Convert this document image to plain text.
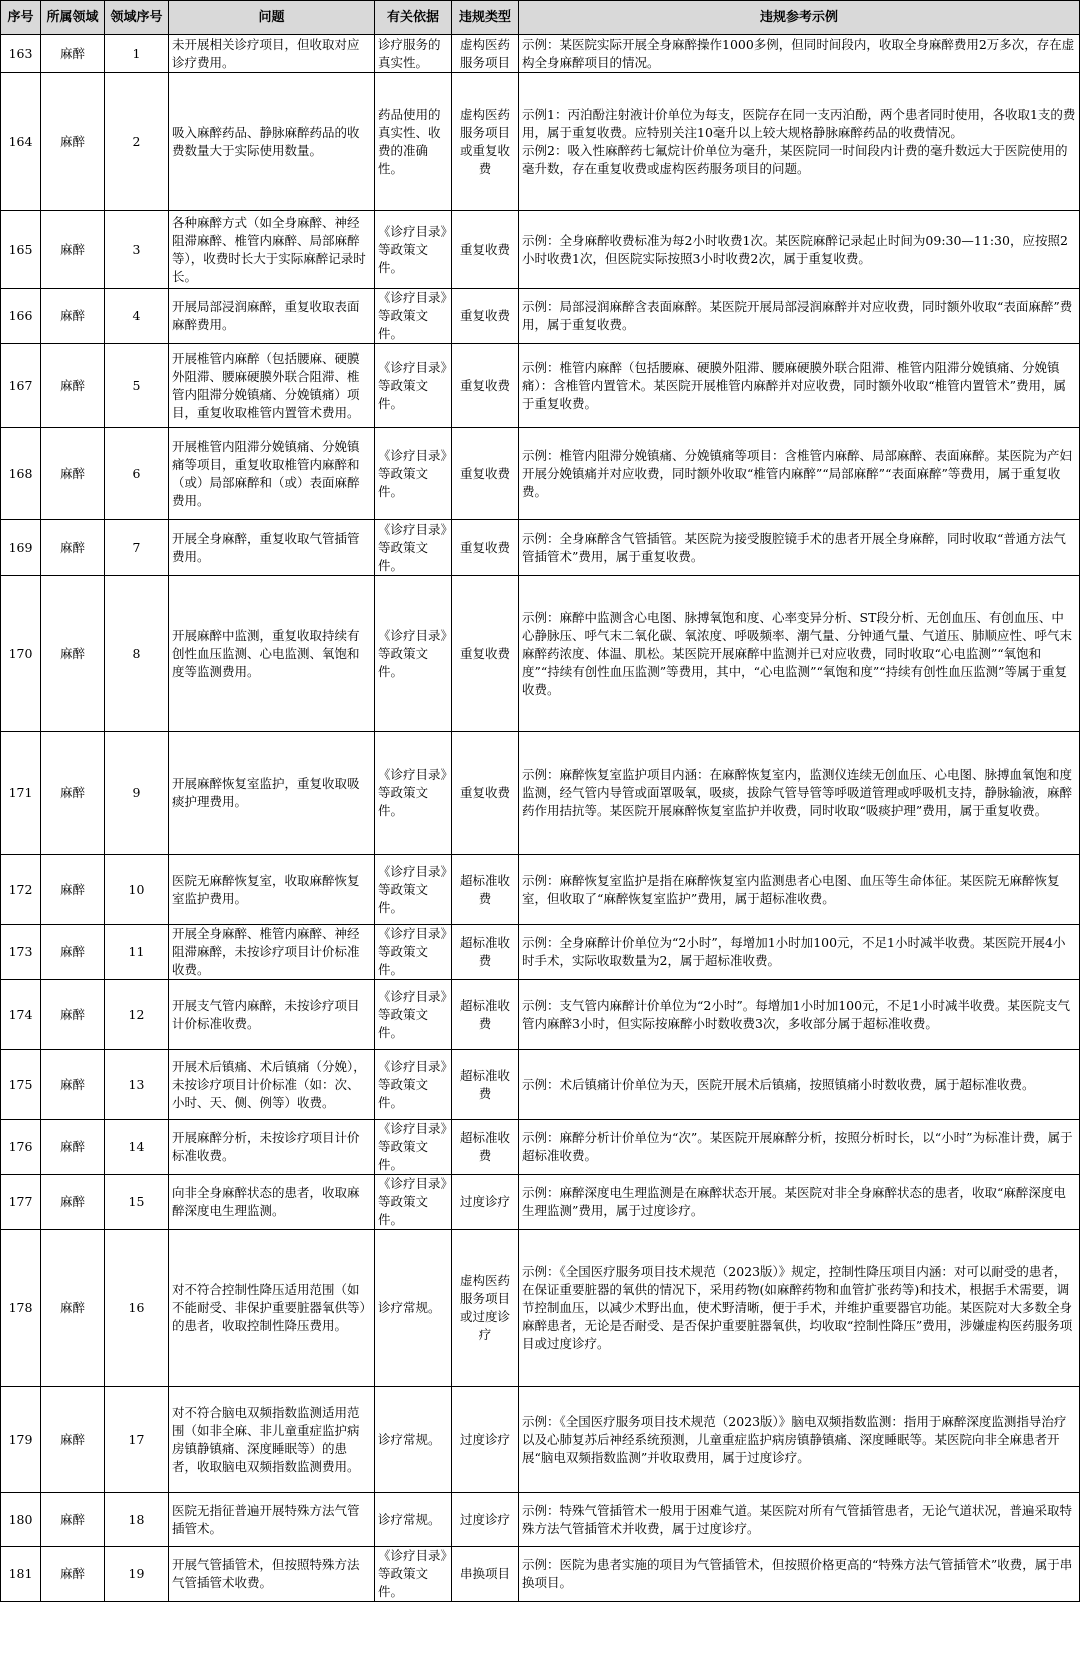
序号	所属领域	领域序号	问题	有关依据	违规类型	违规参考示例
163	麻醉	1	未开展相关诊疗项目，但收取对应诊疗费用。	诊疗服务的真实性。	虚构医药服务项目	示例：某医院实际开展全身麻醉操作1000多例，但同时间段内，收取全身麻醉费用2万多次，存在虚构全身麻醉项目的情况。
164	麻醉	2	吸入麻醉药品、静脉麻醉药品的收费数量大于实际使用数量。	药品使用的真实性、收费的准确性。	虚构医药服务项目或重复收费	示例1：丙泊酚注射液计价单位为每支，医院存在同一支丙泊酚，两个患者同时使用，各收取1支的费用，属于重复收费。应特别关注10毫升以上较大规格静脉麻醉药品的收费情况。
示例2：吸入性麻醉药七氟烷计价单位为毫升，某医院同一时间段内计费的毫升数远大于医院使用的毫升数，存在重复收费或虚构医药服务项目的问题。
165	麻醉	3	各种麻醉方式（如全身麻醉、神经阻滞麻醉、椎管内麻醉、局部麻醉等），收费时长大于实际麻醉记录时长。	《诊疗目录》等政策文件。	重复收费	示例：全身麻醉收费标准为每2小时收费1次。某医院麻醉记录起止时间为09:30—11:30，应按照2小时收费1次，但医院实际按照3小时收费2次，属于重复收费。
166	麻醉	4	开展局部浸润麻醉，重复收取表面麻醉费用。	《诊疗目录》等政策文件。	重复收费	示例：局部浸润麻醉含表面麻醉。某医院开展局部浸润麻醉并对应收费，同时额外收取“表面麻醉”费用，属于重复收费。
167	麻醉	5	开展椎管内麻醉（包括腰麻、硬膜外阻滞、腰麻硬膜外联合阻滞、椎管内阻滞分娩镇痛、分娩镇痛）项目，重复收取椎管内置管术费用。	《诊疗目录》等政策文件。	重复收费	示例：椎管内麻醉（包括腰麻、硬膜外阻滞、腰麻硬膜外联合阻滞、椎管内阻滞分娩镇痛、分娩镇痛）：含椎管内置管术。某医院开展椎管内麻醉并对应收费，同时额外收取“椎管内置管术”费用，属于重复收费。
168	麻醉	6	开展椎管内阻滞分娩镇痛、分娩镇痛等项目，重复收取椎管内麻醉和（或）局部麻醉和（或）表面麻醉费用。	《诊疗目录》等政策文件。	重复收费	示例：椎管内阻滞分娩镇痛、分娩镇痛等项目：含椎管内麻醉、局部麻醉、表面麻醉。某医院为产妇开展分娩镇痛并对应收费，同时额外收取“椎管内麻醉”“局部麻醉”“表面麻醉”等费用，属于重复收费。
169	麻醉	7	开展全身麻醉，重复收取气管插管费用。	《诊疗目录》等政策文件。	重复收费	示例：全身麻醉含气管插管。某医院为接受腹腔镜手术的患者开展全身麻醉，同时收取“普通方法气管插管术”费用，属于重复收费。
170	麻醉	8	开展麻醉中监测，重复收取持续有创性血压监测、心电监测、氧饱和度等监测费用。	《诊疗目录》等政策文件。	重复收费	示例：麻醉中监测含心电图、脉搏氧饱和度、心率变异分析、ST段分析、无创血压、有创血压、中心静脉压、呼气末二氧化碳、氧浓度、呼吸频率、潮气量、分钟通气量、气道压、肺顺应性、呼气末麻醉药浓度、体温、肌松。某医院开展麻醉中监测并已对应收费，同时收取“心电监测”“氧饱和度”“持续有创性血压监测”等费用，其中，“心电监测”“氧饱和度”“持续有创性血压监测”等属于重复收费。
171	麻醉	9	开展麻醉恢复室监护，重复收取吸痰护理费用。	《诊疗目录》等政策文件。	重复收费	示例：麻醉恢复室监护项目内涵：在麻醉恢复室内，监测仪连续无创血压、心电图、脉搏血氧饱和度监测，经气管内导管或面罩吸氧，吸痰，拔除气管导管等呼吸道管理或呼吸机支持，静脉输液，麻醉药作用拮抗等。某医院开展麻醉恢复室监护并收费，同时收取“吸痰护理”费用，属于重复收费。
172	麻醉	10	医院无麻醉恢复室，收取麻醉恢复室监护费用。	《诊疗目录》等政策文件。	超标准收费	示例：麻醉恢复室监护是指在麻醉恢复室内监测患者心电图、血压等生命体征。某医院无麻醉恢复室，但收取了“麻醉恢复室监护”费用，属于超标准收费。
173	麻醉	11	开展全身麻醉、椎管内麻醉、神经阻滞麻醉，未按诊疗项目计价标准收费。	《诊疗目录》等政策文件。	超标准收费	示例：全身麻醉计价单位为“2小时”，每增加1小时加100元，不足1小时减半收费。某医院开展4小时手术，实际收取数量为2，属于超标准收费。
174	麻醉	12	开展支气管内麻醉，未按诊疗项目计价标准收费。	《诊疗目录》等政策文件。	超标准收费	示例：支气管内麻醉计价单位为“2小时”。每增加1小时加100元，不足1小时减半收费。某医院支气管内麻醉3小时，但实际按麻醉小时数收费3次，多收部分属于超标准收费。
175	麻醉	13	开展术后镇痛、术后镇痛（分娩），未按诊疗项目计价标准（如：次、小时、天、侧、例等）收费。	《诊疗目录》等政策文件。	超标准收费	示例：术后镇痛计价单位为天，医院开展术后镇痛，按照镇痛小时数收费，属于超标准收费。
176	麻醉	14	开展麻醉分析，未按诊疗项目计价标准收费。	《诊疗目录》等政策文件。	超标准收费	示例：麻醉分析计价单位为“次”。某医院开展麻醉分析，按照分析时长，以“小时”为标准计费，属于超标准收费。
177	麻醉	15	向非全身麻醉状态的患者，收取麻醉深度电生理监测。	《诊疗目录》等政策文件。	过度诊疗	示例：麻醉深度电生理监测是在麻醉状态开展。某医院对非全身麻醉状态的患者，收取“麻醉深度电生理监测”费用，属于过度诊疗。
178	麻醉	16	对不符合控制性降压适用范围（如不能耐受、非保护重要脏器氧供等）的患者，收取控制性降压费用。	诊疗常规。	虚构医药服务项目或过度诊疗	示例：《全国医疗服务项目技术规范（2023版）》规定，控制性降压项目内涵：对可以耐受的患者，在保证重要脏器的氧供的情况下，采用药物(如麻醉药物和血管扩张药等)和技术，根据手术需要，调节控制血压，以减少术野出血，使术野清晰，便于手术，并维护重要器官功能。某医院对大多数全身麻醉患者，无论是否耐受、是否保护重要脏器氧供，均收取“控制性降压”费用，涉嫌虚构医药服务项目或过度诊疗。
179	麻醉	17	对不符合脑电双频指数监测适用范围（如非全麻、非儿童重症监护病房镇静镇痛、深度睡眠等）的患者，收取脑电双频指数监测费用。	诊疗常规。	过度诊疗	示例：《全国医疗服务项目技术规范（2023版）》脑电双频指数监测：指用于麻醉深度监测指导治疗以及心肺复苏后神经系统预测，儿童重症监护病房镇静镇痛、深度睡眠等。某医院向非全麻患者开展“脑电双频指数监测”并收取费用，属于过度诊疗。
180	麻醉	18	医院无指征普遍开展特殊方法气管插管术。	诊疗常规。	过度诊疗	示例：特殊气管插管术一般用于困难气道。某医院对所有气管插管患者，无论气道状况，普遍采取特殊方法气管插管术并收费，属于过度诊疗。
181	麻醉	19	开展气管插管术，但按照特殊方法气管插管术收费。	《诊疗目录》等政策文件。	串换项目	示例：医院为患者实施的项目为气管插管术，但按照价格更高的“特殊方法气管插管术”收费，属于串换项目。
